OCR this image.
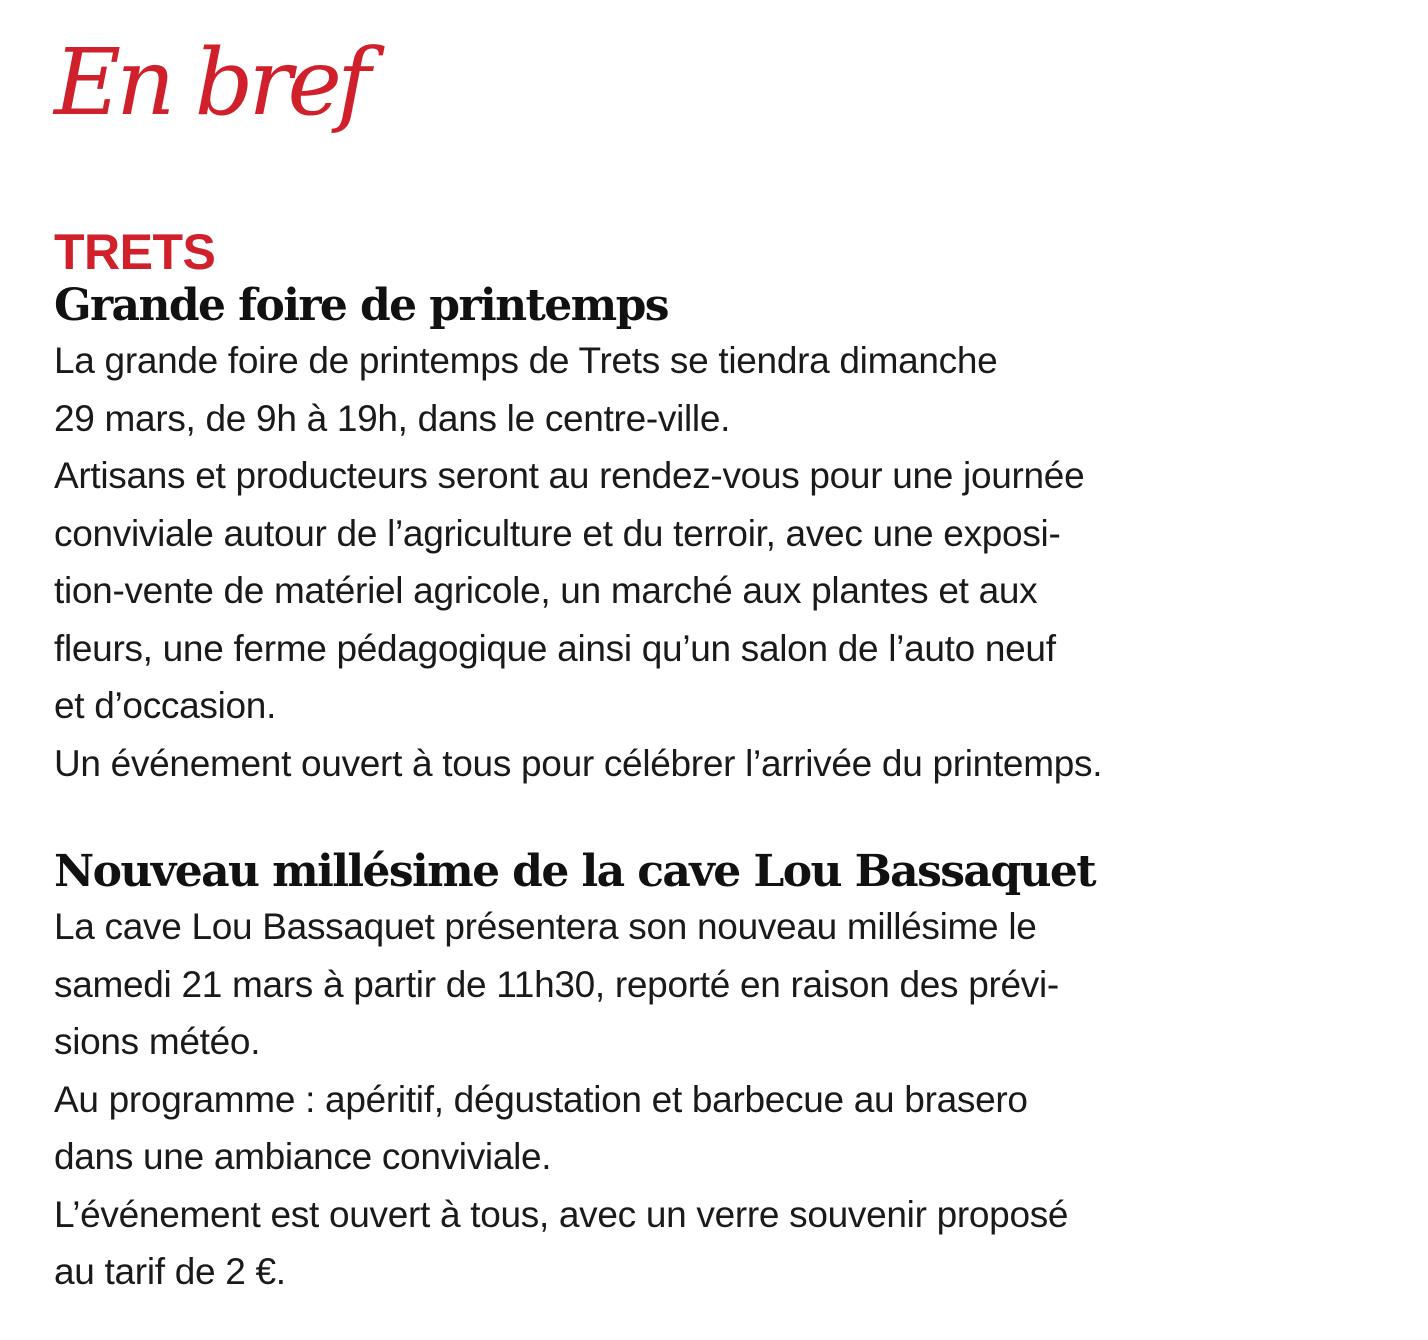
En bref
TRETS
Grande foire de printemps

La grande foire de printemps de Trets se tiendra dimanche
29 mars, de 9h à 19h, dans le centre-ville.

Artisans et producteurs seront au rendez-vous pour une journée
conviviale autour de l’agriculture et du terroir, avec une exposi-
tion-vente de matériel agricole, un marché aux plantes et aux
fleurs, une ferme pédagogique ainsi qu’un salon de l’auto neuf
et d’occasion.

Un événement ouvert à tous pour célébrer l’arrivée du printemps.

Nouveau millésime de la cave Lou Bassaquet

La cave Lou Bassaquet présentera son nouveau millésime le
samedi 21 mars à partir de 11h30, reporté en raison des prévi-
sions météo.

Au programme : apéritif, dégustation et barbecue au brasero
dans une ambiance conviviale.

L’événement est ouvert à tous, avec un verre souvenir proposé
au tarif de 2 €.
